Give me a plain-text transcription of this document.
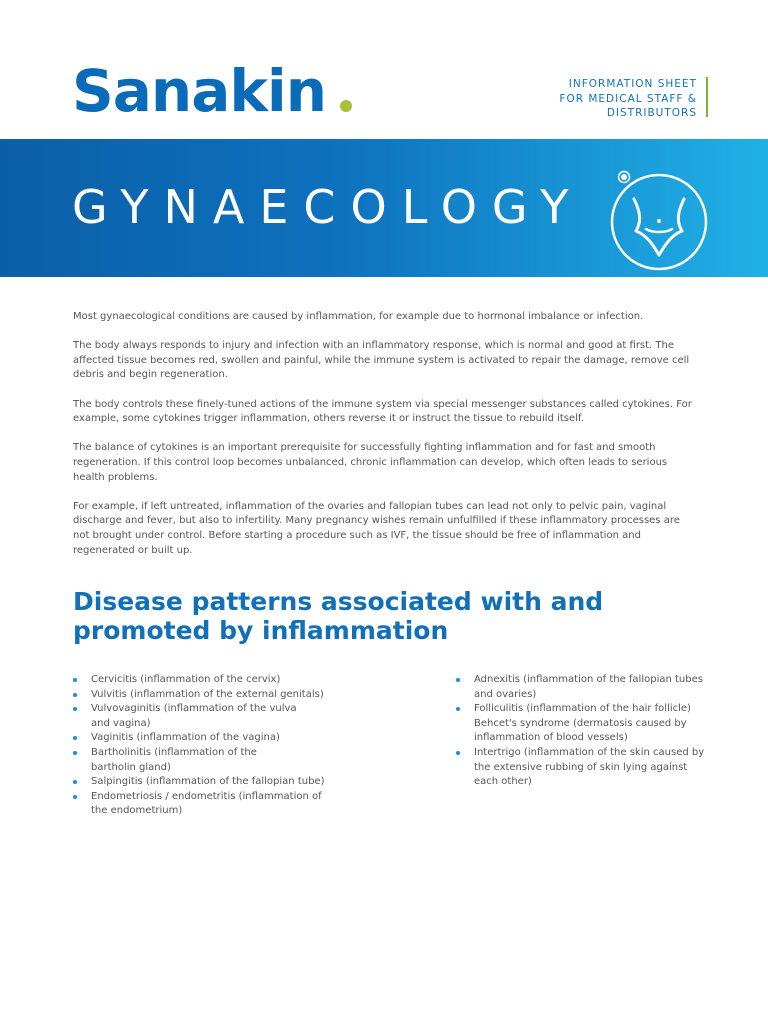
Sanakin	INFORMATION SHEET
FOR MEDICAL STAFF &
DISTRIBUTORS
GYNAECOLOGY

Most gynaecological conditions are caused by inflammation, for example due to hormonal imbalance or infection.

The body always responds to injury and infection with an inflammatory response, which is normal and good at first. The affected tissue becomes red, swollen and painful, while the immune system is activated to repair the damage, remove cell debris and begin regeneration.

The body controls these finely-tuned actions of the immune system via special messenger substances called cytokines. For example, some cytokines trigger inflammation, others reverse it or instruct the tissue to rebuild itself.

The balance of cytokines is an important prerequisite for successfully fighting inflammation and for fast and smooth regeneration. If this control loop becomes unbalanced, chronic inflammation can develop, which often leads to serious health problems.

For example, if left untreated, inflammation of the ovaries and fallopian tubes can lead not only to pelvic pain, vaginal discharge and fever, but also to infertility. Many pregnancy wishes remain unfulfilled if these inflammatory processes are not brought under control. Before starting a procedure such as IVF, the tissue should be free of inflammation and regenerated or built up.

Disease patterns associated with and
promoted by inflammation
Cervicitis (inflammation of the cervix)
Vulvitis (inflammation of the external genitals)
Vulvovaginitis (inflammation of the vulva
and vagina)
Vaginitis (inflammation of the vagina)
Bartholinitis (inflammation of the
bartholin gland)
Salpingitis (inflammation of the fallopian tube)
Endometriosis / endometritis (inflammation of
the endometrium)
Adnexitis (inflammation of the fallopian tubes
and ovaries)
Folliculitis (inflammation of the hair follicle)
Behcet's syndrome (dermatosis caused by
inflammation of blood vessels)
Intertrigo (inflammation of the skin caused by
the extensive rubbing of skin lying against
each other)
